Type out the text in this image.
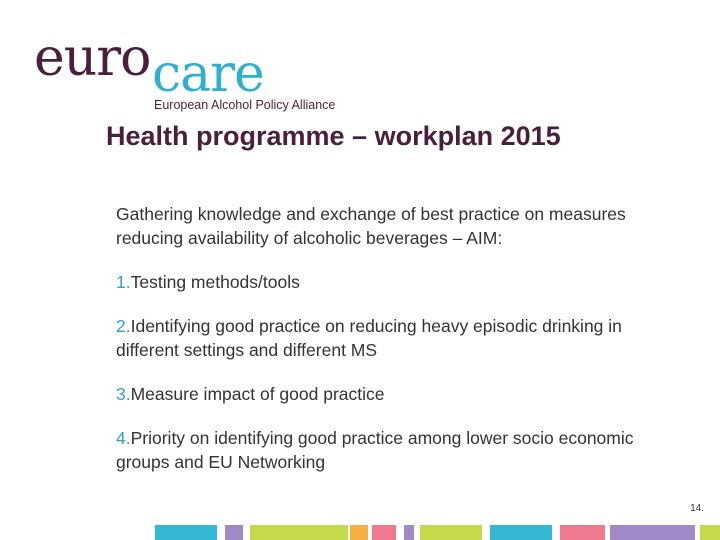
euro care
European Alcohol Policy Alliance
Health programme – workplan 2015

Gathering knowledge and exchange of best practice on measures reducing availability of alcoholic beverages – AIM:

1.Testing methods/tools

2.Identifying good practice on reducing heavy episodic drinking in different settings and different MS

3.Measure impact of good practice

4.Priority on identifying good practice among lower socio economic groups and EU Networking

14.
